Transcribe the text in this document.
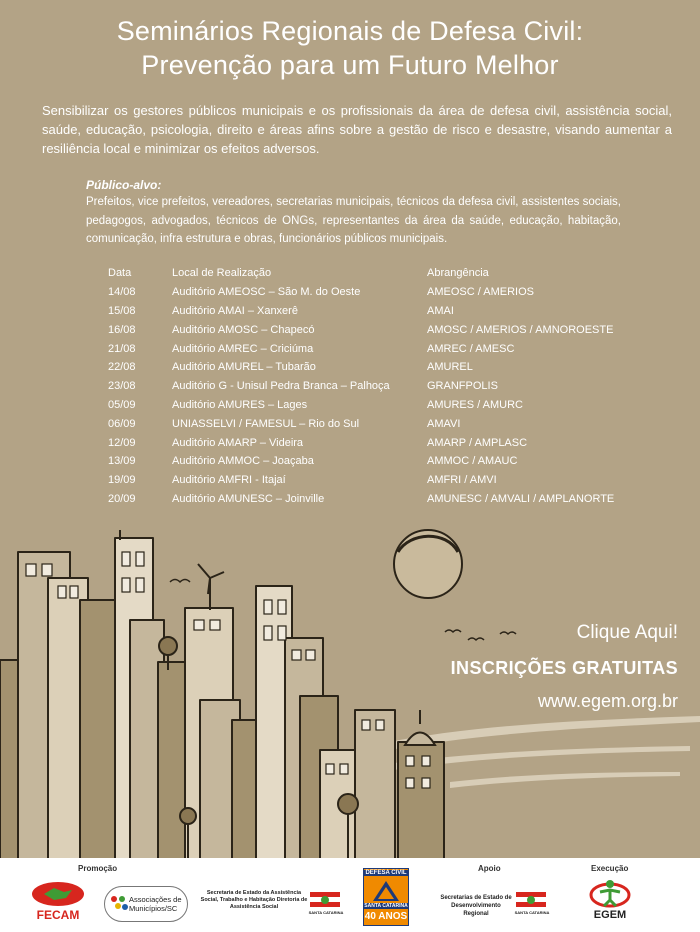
Seminários Regionais de Defesa Civil:
Prevenção para um Futuro Melhor

Sensibilizar os gestores públicos municipais e os profissionais da área de defesa civil, assistência social, saúde, educação, psicologia, direito e áreas afins sobre a gestão de risco e desastre, visando aumentar a resiliência local e minimizar os efeitos adversos.

Público-alvo:

Prefeitos, vice prefeitos, vereadores, secretarias municipais, técnicos da defesa civil, assistentes sociais, pedagogos, advogados, técnicos de ONGs, representantes da área da saúde, educação, habitação, comunicação, infra estrutura e obras, funcionários públicos municipais.

Data	Local de Realização	Abrangência
14/08	Auditório AMEOSC – São M. do Oeste	AMEOSC / AMERIOS
15/08	Auditório AMAI – Xanxerê	AMAI
16/08	Auditório AMOSC – Chapecó	AMOSC / AMERIOS / AMNOROESTE
21/08	Auditório AMREC – Criciúma	AMREC / AMESC
22/08	Auditório AMUREL – Tubarão	AMUREL
23/08	Auditório G - Unisul Pedra Branca – Palhoça	GRANFPOLIS
05/09	Auditório AMURES – Lages	AMURES / AMURC
06/09	UNIASSELVI / FAMESUL – Rio do Sul	AMAVI
12/09	Auditório AMARP – Videira	AMARP / AMPLASC
13/09	Auditório AMMOC – Joaçaba	AMMOC / AMAUC
19/09	Auditório AMFRI - Itajaí	AMFRI / AMVI
20/09	Auditório AMUNESC – Joinville	AMUNESC / AMVALI / AMPLANORTE
Clique Aqui!
INSCRIÇÕES GRATUITAS
www.egem.org.br
Promoção	Apoio	Execução
FECAM
Associações de Municípios/SC
Secretaria de Estado da Assistência Social, Trabalho e Habitação Diretoria de Assistência Social
SANTA CATARINA
DEFESA CIVIL
SANTA CATARINA
40 ANOS
Secretarias de Estado de Desenvolvimento Regional	SANTA CATARINA	EGEM
